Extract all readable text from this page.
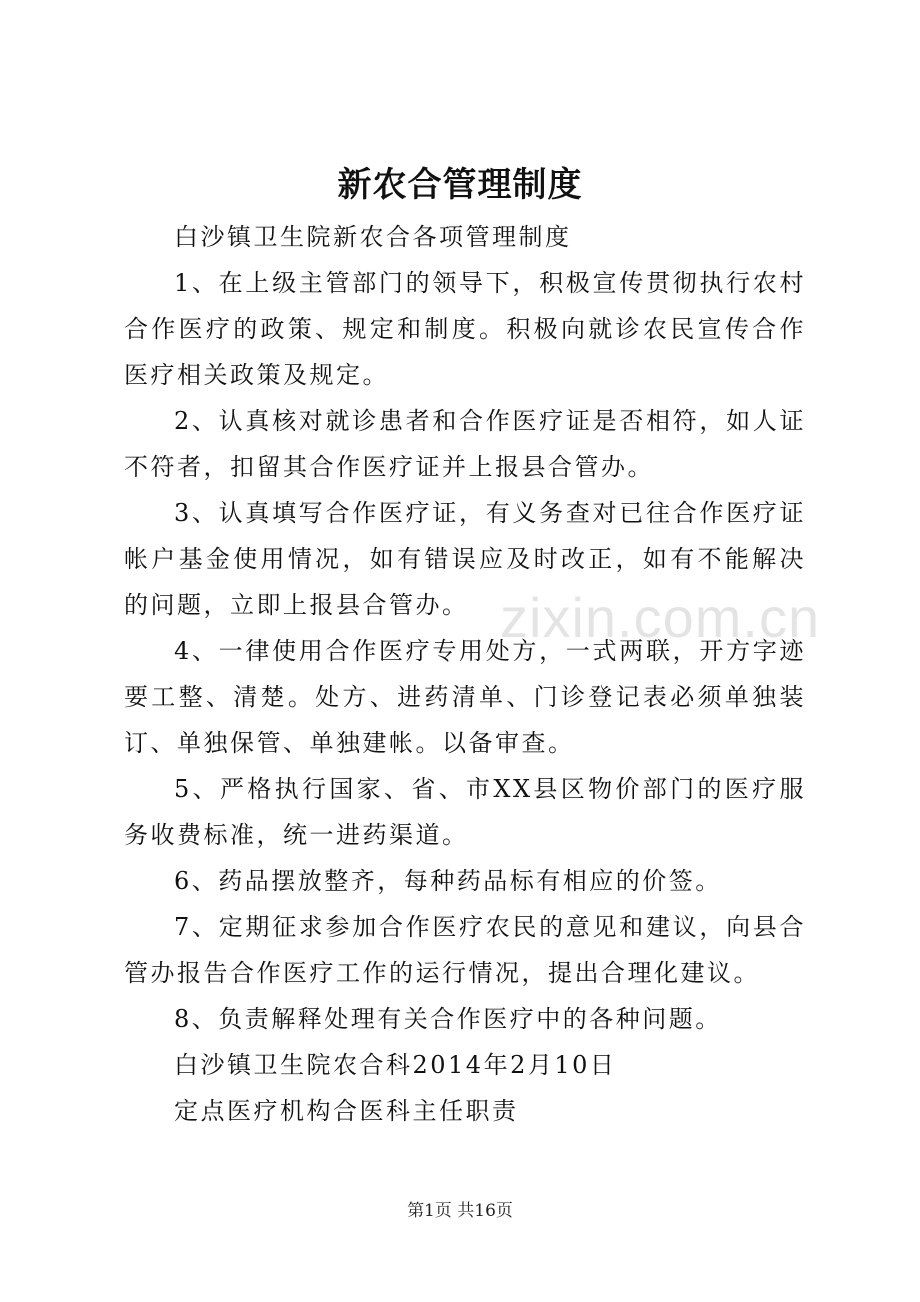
新农合管理制度

白沙镇卫生院新农合各项管理制度

1、在上级主管部门的领导下，积极宣传贯彻执行农村合作医疗的政策、规定和制度。积极向就诊农民宣传合作医疗相关政策及规定。

2、认真核对就诊患者和合作医疗证是否相符，如人证不符者，扣留其合作医疗证并上报县合管办。

3、认真填写合作医疗证，有义务查对已往合作医疗证帐户基金使用情况，如有错误应及时改正，如有不能解决的问题，立即上报县合管办。

4、一律使用合作医疗专用处方，一式两联，开方字迹要工整、清楚。处方、进药清单、门诊登记表必须单独装订、单独保管、单独建帐。以备审查。

5、严格执行国家、省、市XX县区物价部门的医疗服务收费标准，统一进药渠道。

6、药品摆放整齐，每种药品标有相应的价签。

7、定期征求参加合作医疗农民的意见和建议，向县合管办报告合作医疗工作的运行情况，提出合理化建议。

8、负责解释处理有关合作医疗中的各种问题。

白沙镇卫生院农合科2014年2月10日

定点医疗机构合医科主任职责

zixin.com.cn
第1页 共16页
